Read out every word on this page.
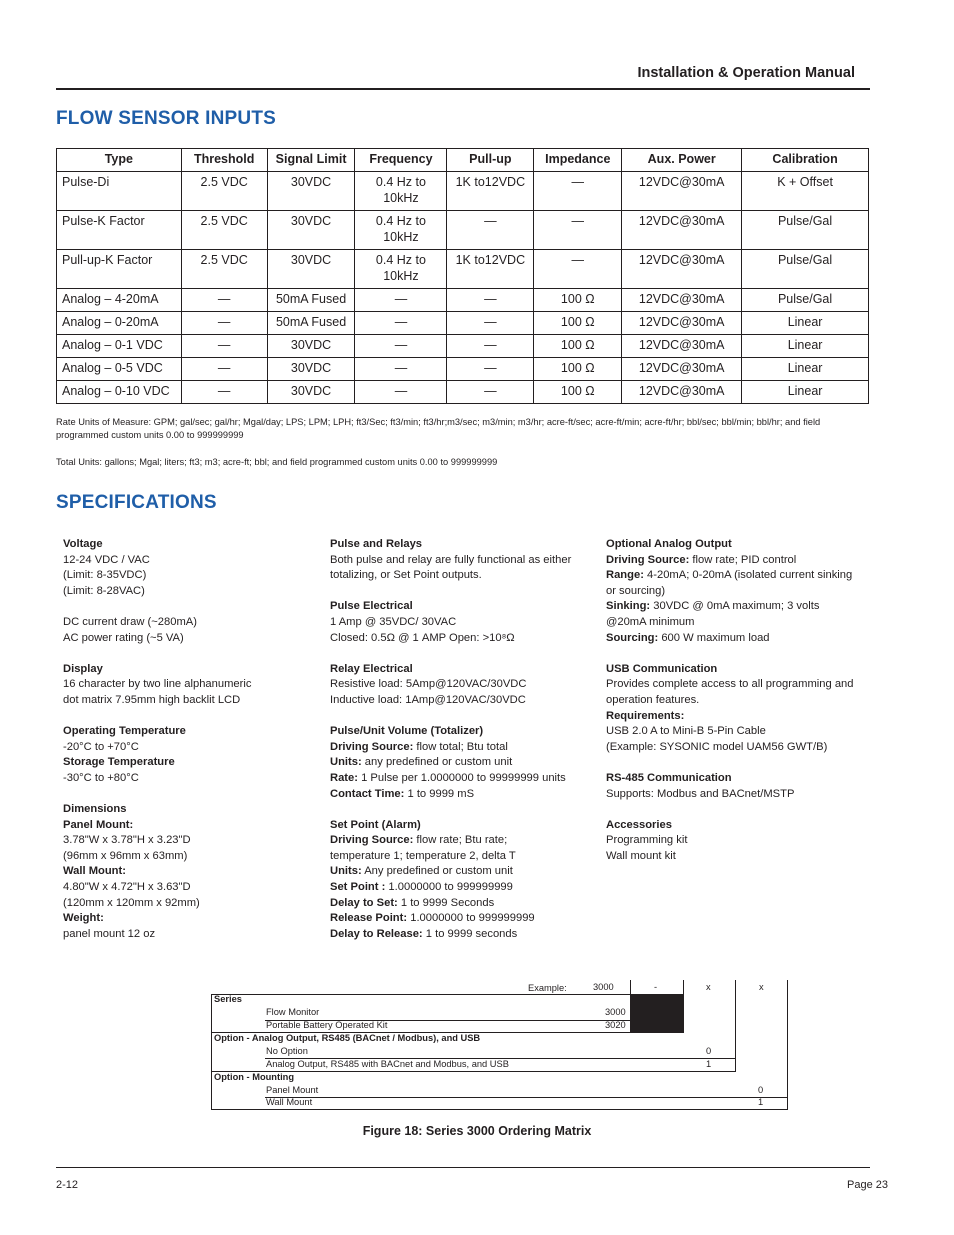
Installation & Operation Manual
FLOW SENSOR INPUTS
Type	Threshold	Signal Limit	Frequency	Pull-up	Impedance	Aux. Power	Calibration
Pulse-Di	2.5 VDC	30VDC	0.4 Hz to 10kHz	1K to12VDC	—	12VDC@30mA	K + Offset
Pulse-K Factor	2.5 VDC	30VDC	0.4 Hz to 10kHz	—	—	12VDC@30mA	Pulse/Gal
Pull-up-K Factor	2.5 VDC	30VDC	0.4 Hz to 10kHz	1K to12VDC	—	12VDC@30mA	Pulse/Gal
Analog – 4-20mA	—	50mA Fused	—	—	100 Ω	12VDC@30mA	Pulse/Gal
Analog – 0-20mA	—	50mA Fused	—	—	100 Ω	12VDC@30mA	Linear
Analog – 0-1 VDC	—	30VDC	—	—	100 Ω	12VDC@30mA	Linear
Analog – 0-5 VDC	—	30VDC	—	—	100 Ω	12VDC@30mA	Linear
Analog – 0-10 VDC	—	30VDC	—	—	100 Ω	12VDC@30mA	Linear
Rate Units of Measure: GPM; gal/sec; gal/hr; Mgal/day; LPS; LPM; LPH; ft3/Sec; ft3/min; ft3/hr;m3/sec; m3/min; m3/hr; acre-ft/sec; acre-ft/min; acre-ft/hr; bbl/sec; bbl/min; bbl/hr; and field programmed custom units 0.00 to 999999999
Total Units: gallons; Mgal; liters; ft3; m3; acre-ft; bbl; and field programmed custom units 0.00 to 999999999
SPECIFICATIONS
Voltage
12-24 VDC / VAC
(Limit: 8-35VDC)
(Limit: 8-28VAC)
DC current draw (~280mA)
AC power rating (~5 VA)
Display
16 character by two line alphanumeric
dot matrix 7.95mm high backlit LCD
Operating Temperature
-20°C to +70°C
Storage Temperature
-30°C to +80°C
Dimensions
Panel Mount:
3.78"W x 3.78"H x 3.23"D
(96mm x 96mm x 63mm)
Wall Mount:
4.80"W x 4.72"H x 3.63"D
(120mm x 120mm x 92mm)
Weight:
panel mount 12 oz
Pulse and Relays
Both pulse and relay are fully functional as either
totalizing, or Set Point outputs.
Pulse Electrical
1 Amp @ 35VDC/ 30VAC
Closed: 0.5Ω @ 1 AMP Open: >10⁸Ω
Relay Electrical
Resistive load: 5Amp@120VAC/30VDC
Inductive load: 1Amp@120VAC/30VDC
Pulse/Unit Volume (Totalizer)
Driving Source: flow total; Btu total
Units: any predefined or custom unit
Rate: 1 Pulse per 1.0000000 to 99999999 units
Contact Time: 1 to 9999 mS
Set Point (Alarm)
Driving Source: flow rate; Btu rate;
temperature 1; temperature 2, delta T
Units: Any predefined or custom unit
Set Point : 1.0000000 to 999999999
Delay to Set: 1 to 9999 Seconds
Release Point: 1.0000000 to 999999999
Delay to Release: 1 to 9999 seconds
Optional Analog Output
Driving Source: flow rate; PID control
Range: 4-20mA; 0-20mA (isolated current sinking
or sourcing)
Sinking: 30VDC @ 0mA maximum; 3 volts
@20mA minimum
Sourcing: 600 W maximum load
USB Communication
Provides complete access to all programming and
operation features.
Requirements:
USB 2.0 A to Mini-B 5-Pin Cable
(Example: SYSONIC model UAM56 GWT/B)
RS-485 Communication
Supports: Modbus and BACnet/MSTP
Accessories
Programming kit
Wall mount kit
Example:	3000	-	x	x
Series
Flow Monitor	3000
Portable Battery Operated Kit	3020
Option - Analog Output, RS485 (BACnet / Modbus), and USB
No Option	0
Analog Output, RS485 with BACnet and Modbus, and USB	1
Option - Mounting
Panel Mount	0
Wall Mount	1
Figure 18: Series 3000 Ordering Matrix
2-12	Page 23
